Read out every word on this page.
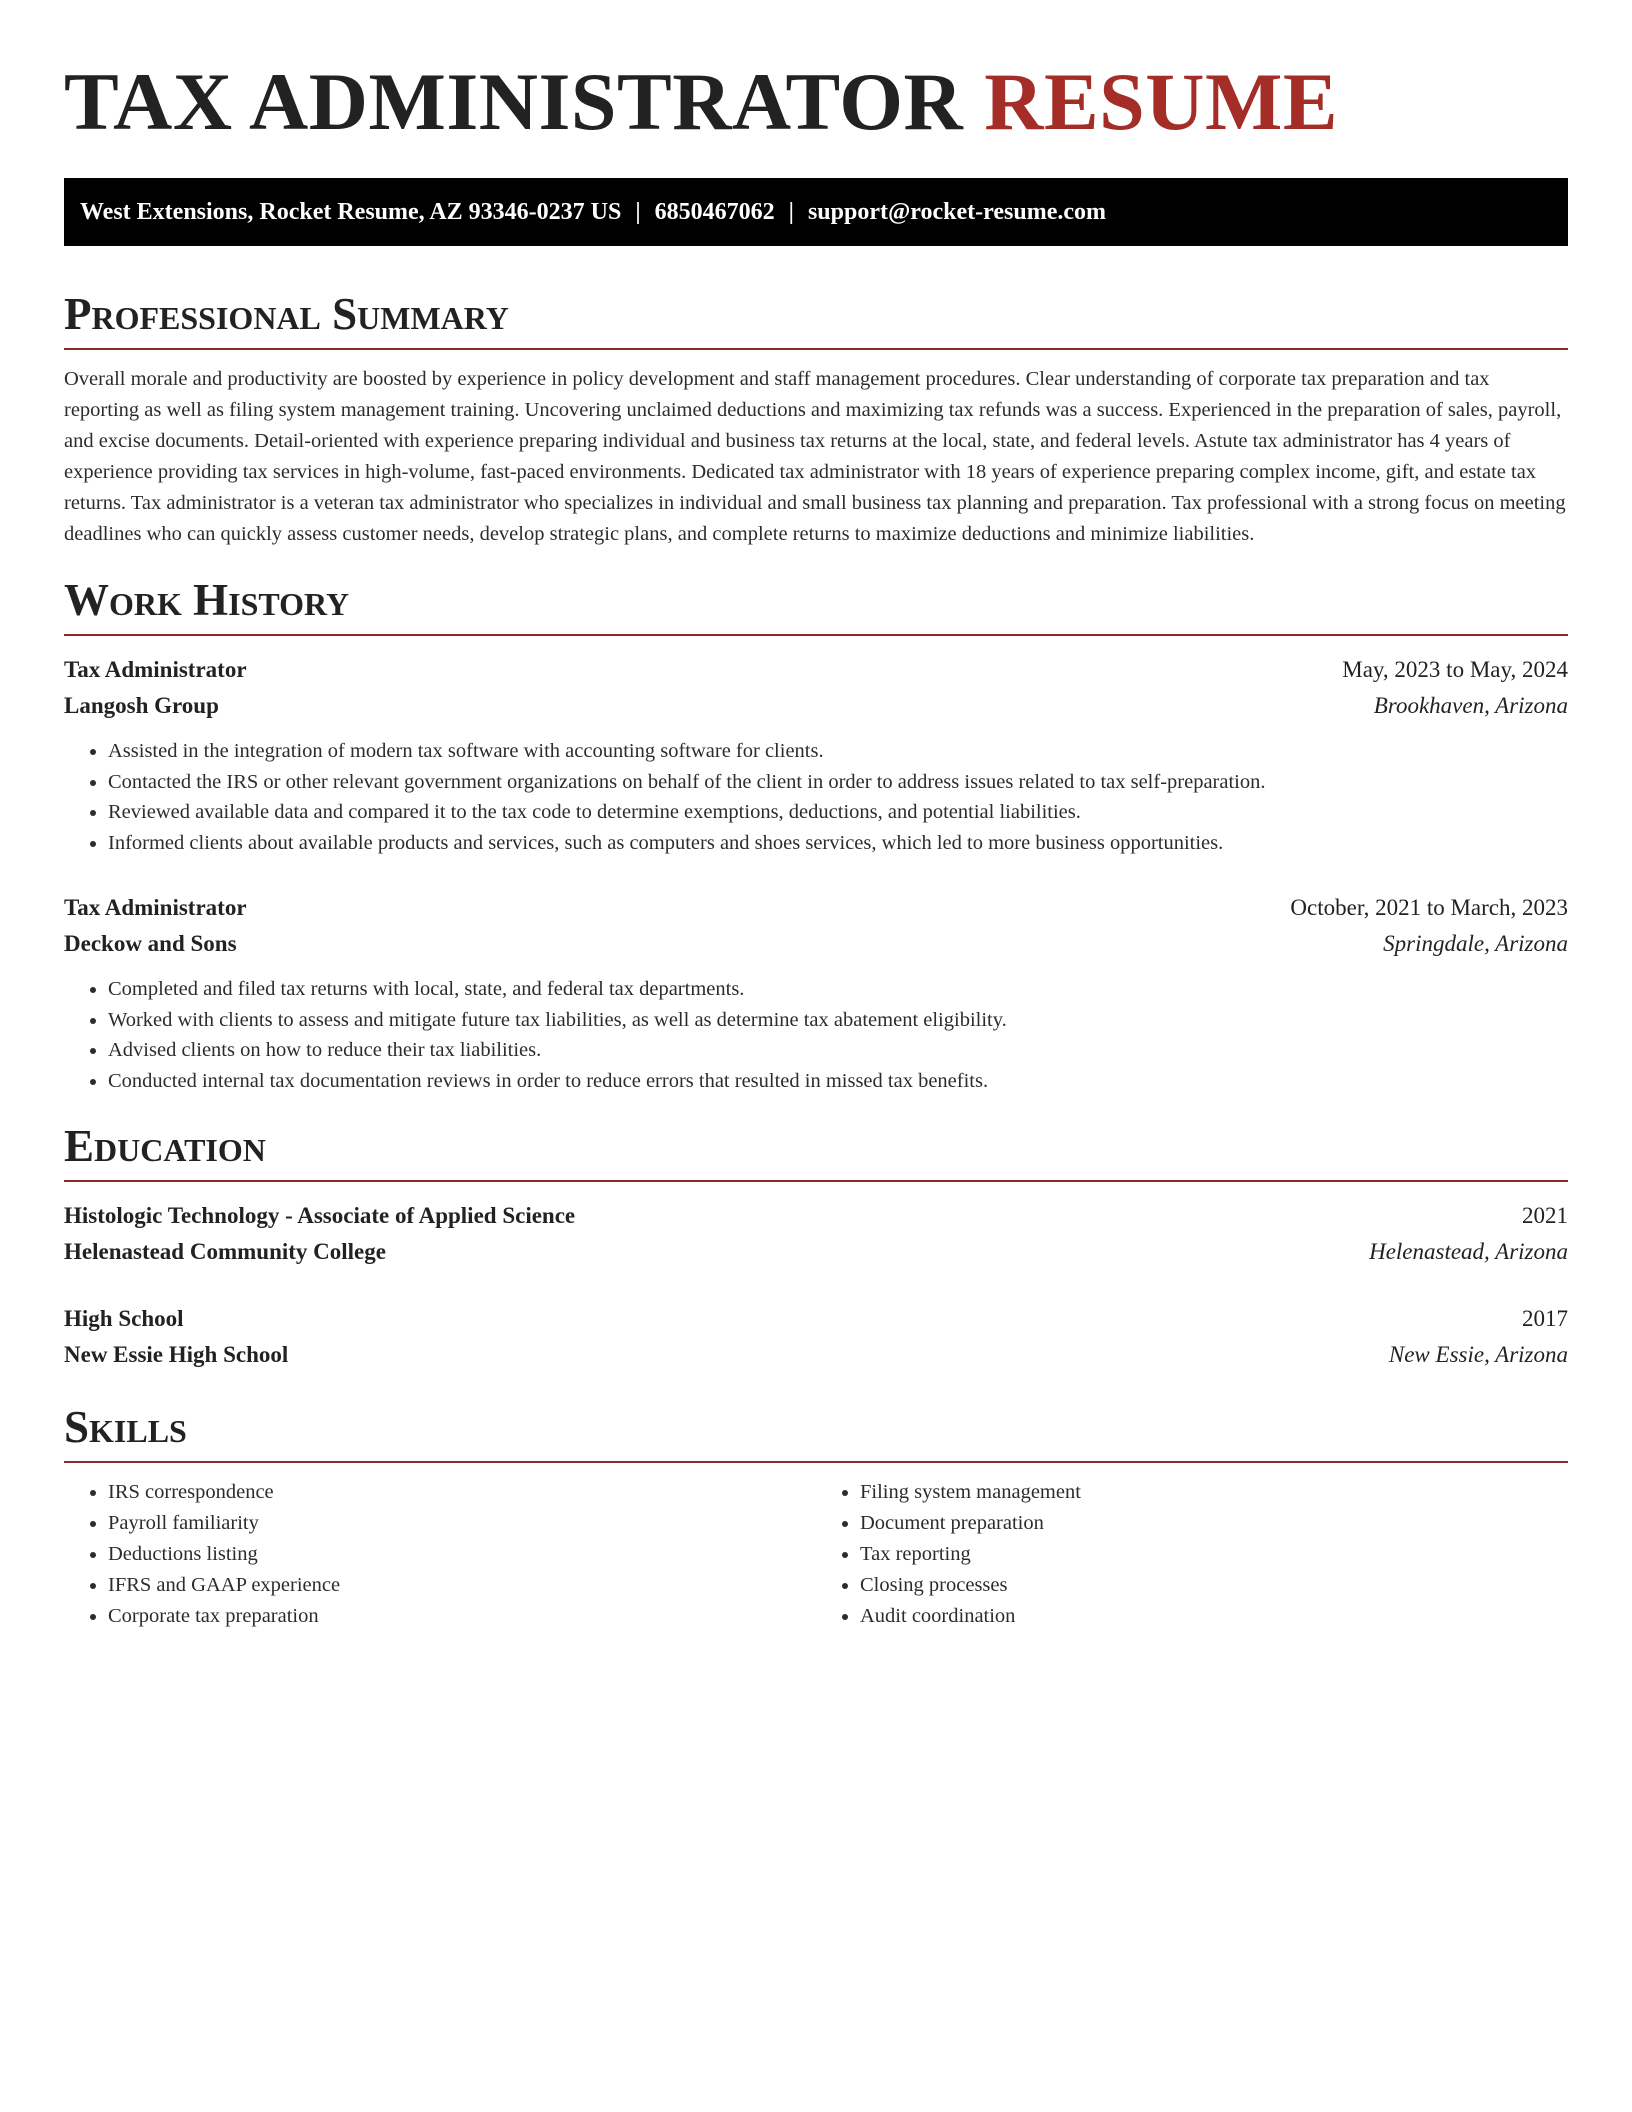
TAX ADMINISTRATOR RESUME
West Extensions, Rocket Resume, AZ 93346-0237 US | 6850467062 | support@rocket-resume.com
Professional Summary

Overall morale and productivity are boosted by experience in policy development and staff management procedures. Clear understanding of corporate tax preparation and tax reporting as well as filing system management training. Uncovering unclaimed deductions and maximizing tax refunds was a success. Experienced in the preparation of sales, payroll, and excise documents. Detail-oriented with experience preparing individual and business tax returns at the local, state, and federal levels. Astute tax administrator has 4 years of experience providing tax services in high-volume, fast-paced environments. Dedicated tax administrator with 18 years of experience preparing complex income, gift, and estate tax returns. Tax administrator is a veteran tax administrator who specializes in individual and small business tax planning and preparation. Tax professional with a strong focus on meeting deadlines who can quickly assess customer needs, develop strategic plans, and complete returns to maximize deductions and minimize liabilities.

Work History
Tax Administrator	May, 2023 to May, 2024
Langosh Group	Brookhaven, Arizona
• Assisted in the integration of modern tax software with accounting software for clients.
• Contacted the IRS or other relevant government organizations on behalf of the client in order to address issues related to tax self-preparation.
• Reviewed available data and compared it to the tax code to determine exemptions, deductions, and potential liabilities.
• Informed clients about available products and services, such as computers and shoes services, which led to more business opportunities.
Tax Administrator	October, 2021 to March, 2023
Deckow and Sons	Springdale, Arizona
• Completed and filed tax returns with local, state, and federal tax departments.
• Worked with clients to assess and mitigate future tax liabilities, as well as determine tax abatement eligibility.
• Advised clients on how to reduce their tax liabilities.
• Conducted internal tax documentation reviews in order to reduce errors that resulted in missed tax benefits.
Education
Histologic Technology - Associate of Applied Science	2021
Helenastead Community College	Helenastead, Arizona
High School	2017
New Essie High School	New Essie, Arizona
Skills
• IRS correspondence
• Payroll familiarity
• Deductions listing
• IFRS and GAAP experience
• Corporate tax preparation
• Filing system management
• Document preparation
• Tax reporting
• Closing processes
• Audit coordination
